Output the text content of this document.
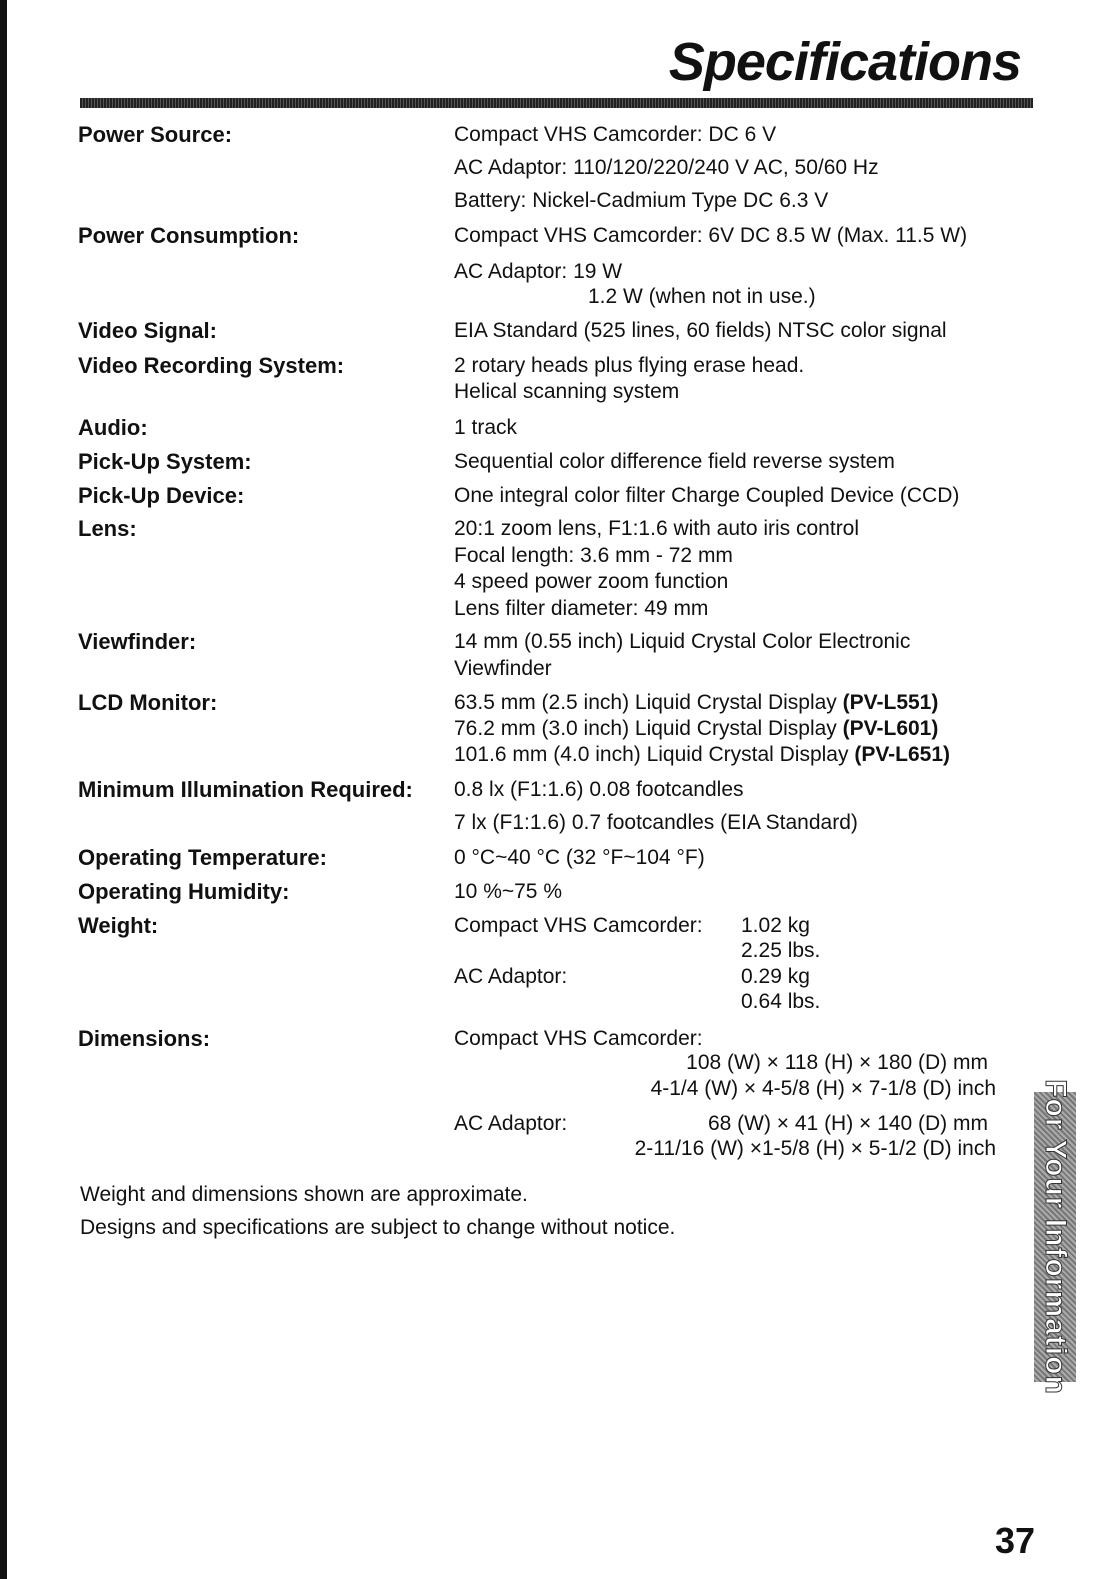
Specifications
Power Source:	Compact VHS Camcorder: DC 6 V
AC Adaptor: 110/120/220/240 V AC, 50/60 Hz
Battery: Nickel-Cadmium Type DC 6.3 V
Power Consumption:	Compact VHS Camcorder: 6V DC 8.5 W (Max. 11.5 W)
AC Adaptor: 19 W
1.2 W (when not in use.)
Video Signal:	EIA Standard (525 lines, 60 fields) NTSC color signal
Video Recording System:	2 rotary heads plus flying erase head.
Helical scanning system
Audio:	1 track
Pick-Up System:	Sequential color difference field reverse system
Pick-Up Device:	One integral color filter Charge Coupled Device (CCD)
Lens:	20:1 zoom lens, F1:1.6 with auto iris control
Focal length: 3.6 mm - 72 mm
4 speed power zoom function
Lens filter diameter: 49 mm
Viewfinder:	14 mm (0.55 inch) Liquid Crystal Color Electronic
Viewfinder
LCD Monitor:	63.5 mm (2.5 inch) Liquid Crystal Display (PV-L551)
76.2 mm (3.0 inch) Liquid Crystal Display (PV-L601)
101.6 mm (4.0 inch) Liquid Crystal Display (PV-L651)
Minimum Illumination Required: 0.8 lx (F1:1.6) 0.08 footcandles
7 lx (F1:1.6) 0.7 footcandles (EIA Standard)
Operating Temperature:	0 °C~40 °C (32 °F~104 °F)
Operating Humidity:	10 %~75 %
Weight:	Compact VHS Camcorder: 1.02 kg
2.25 lbs.
AC Adaptor:	0.29 kg
0.64 lbs.
Dimensions:	Compact VHS Camcorder:
108 (W) × 118 (H) × 180 (D) mm
4-1/4 (W) × 4-5/8 (H) × 7-1/8 (D) inch
AC Adaptor:	68 (W) × 41 (H) × 140 (D) mm
2-11/16 (W) ×1-5/8 (H) × 5-1/2 (D) inch
Weight and dimensions shown are approximate.
Designs and specifications are subject to change without notice.	For Your Information
37
